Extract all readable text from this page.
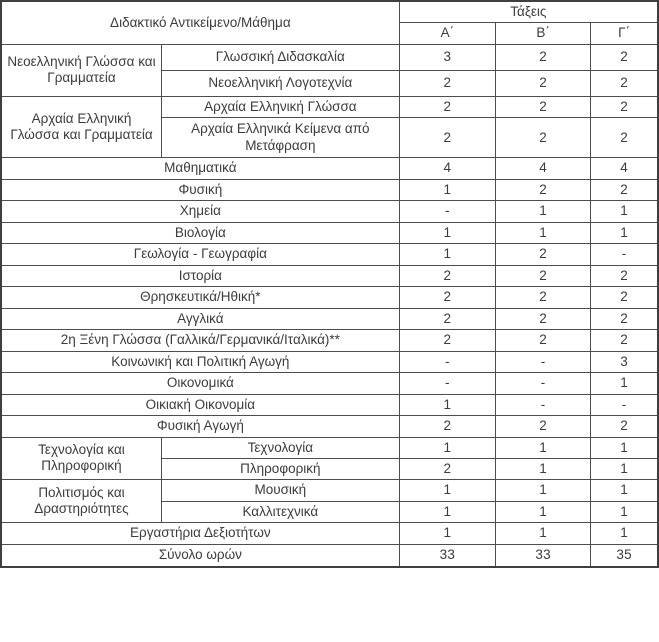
Διδακτικό Αντικείμενο/Μάθημα		Τάξεις		
		Α΄	Β΄	Γ΄
Νεοελληνική Γλώσσα και Γραμματεία	Γλωσσική Διδασκαλία	3	2	2
	Νεοελληνική Λογοτεχνία	2	2	2
Αρχαία Ελληνική Γλώσσα και Γραμματεία	Αρχαία Ελληνική Γλώσσα	2	2	2
	Αρχαία Ελληνικά Κείμενα από Μετάφραση	2	2	2
Μαθηματικά		4	4	4
Φυσική		1	2	2
Χημεία		-	1	1
Βιολογία		1	1	1
Γεωλογία - Γεωγραφία		1	2	-
Ιστορία		2	2	2
Θρησκευτικά/Ηθική*		2	2	2
Αγγλικά		2	2	2
2η Ξένη Γλώσσα (Γαλλικά/Γερμανικά/Ιταλικά)**		2	2	2
Κοινωνική και Πολιτική Αγωγή		-	-	3
Οικονομικά		-	-	1
Οικιακή Οικονομία		1	-	-
Φυσική Αγωγή		2	2	2
Τεχνολογία και Πληροφορική	Τεχνολογία	1	1	1
	Πληροφορική	2	1	1
Πολιτισμός και Δραστηριότητες	Μουσική	1	1	1
	Καλλιτεχνικά	1	1	1
Εργαστήρια Δεξιοτήτων		1	1	1
Σύνολο ωρών		33	33	35
